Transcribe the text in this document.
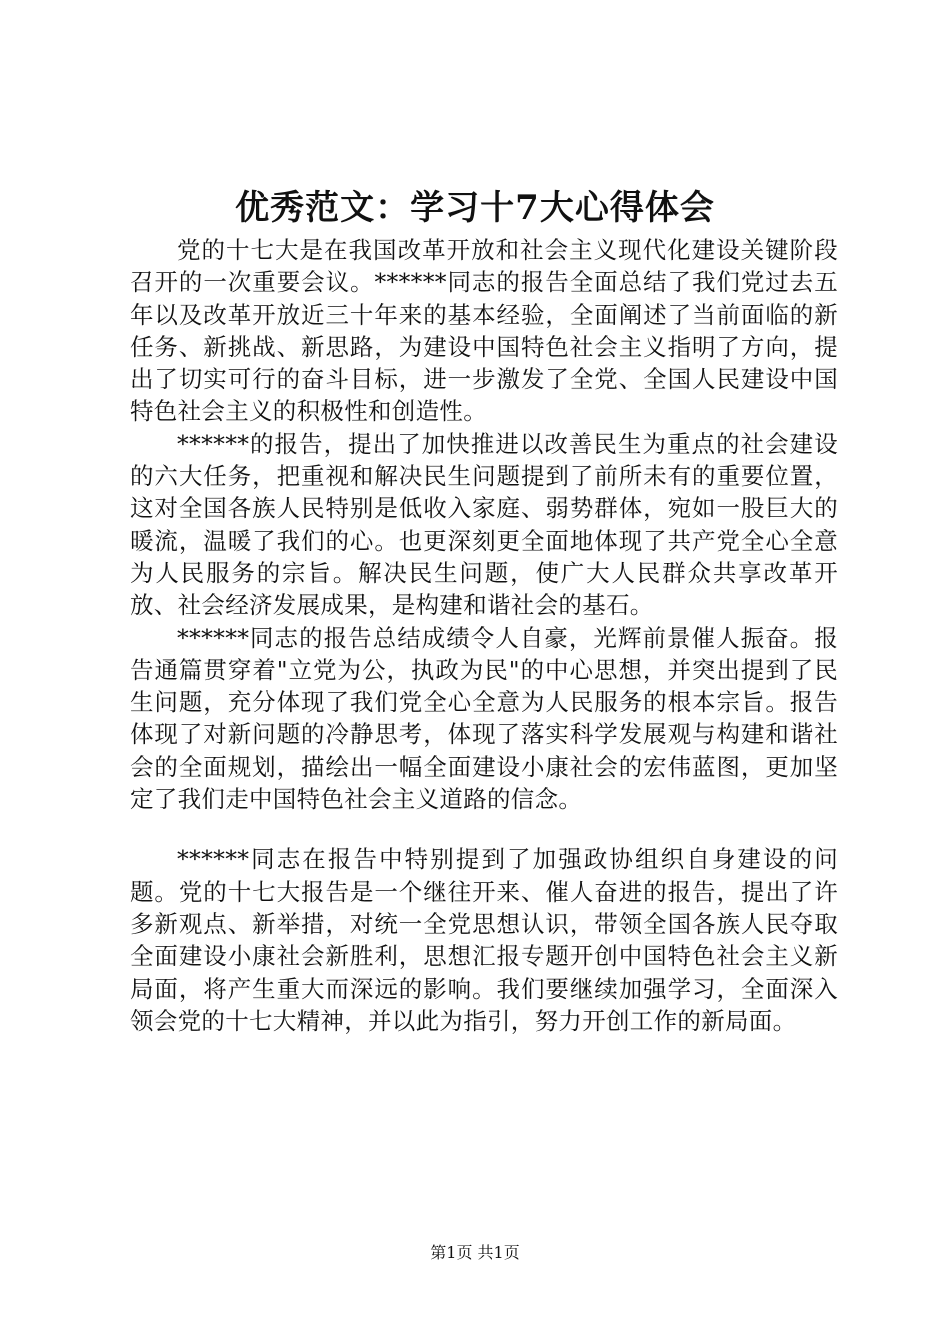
优秀范文：学习十7大心得体会

党的十七大是在我国改革开放和社会主义现代化建设关键阶段召开的一次重要会议。******同志的报告全面总结了我们党过去五年以及改革开放近三十年来的基本经验，全面阐述了当前面临的新任务、新挑战、新思路，为建设中国特色社会主义指明了方向，提出了切实可行的奋斗目标，进一步激发了全党、全国人民建设中国特色社会主义的积极性和创造性。

******的报告，提出了加快推进以改善民生为重点的社会建设的六大任务，把重视和解决民生问题提到了前所未有的重要位置，这对全国各族人民特别是低收入家庭、弱势群体，宛如一股巨大的暖流，温暖了我们的心。也更深刻更全面地体现了共产党全心全意为人民服务的宗旨。解决民生问题，使广大人民群众共享改革开放、社会经济发展成果，是构建和谐社会的基石。

******同志的报告总结成绩令人自豪，光辉前景催人振奋。报告通篇贯穿着"立党为公，执政为民"的中心思想，并突出提到了民生问题，充分体现了我们党全心全意为人民服务的根本宗旨。报告体现了对新问题的冷静思考，体现了落实科学发展观与构建和谐社会的全面规划，描绘出一幅全面建设小康社会的宏伟蓝图，更加坚定了我们走中国特色社会主义道路的信念。

******同志在报告中特别提到了加强政协组织自身建设的问题。党的十七大报告是一个继往开来、催人奋进的报告，提出了许多新观点、新举措，对统一全党思想认识，带领全国各族人民夺取全面建设小康社会新胜利，思想汇报专题开创中国特色社会主义新局面，将产生重大而深远的影响。我们要继续加强学习，全面深入领会党的十七大精神，并以此为指引，努力开创工作的新局面。

第1页 共1页
